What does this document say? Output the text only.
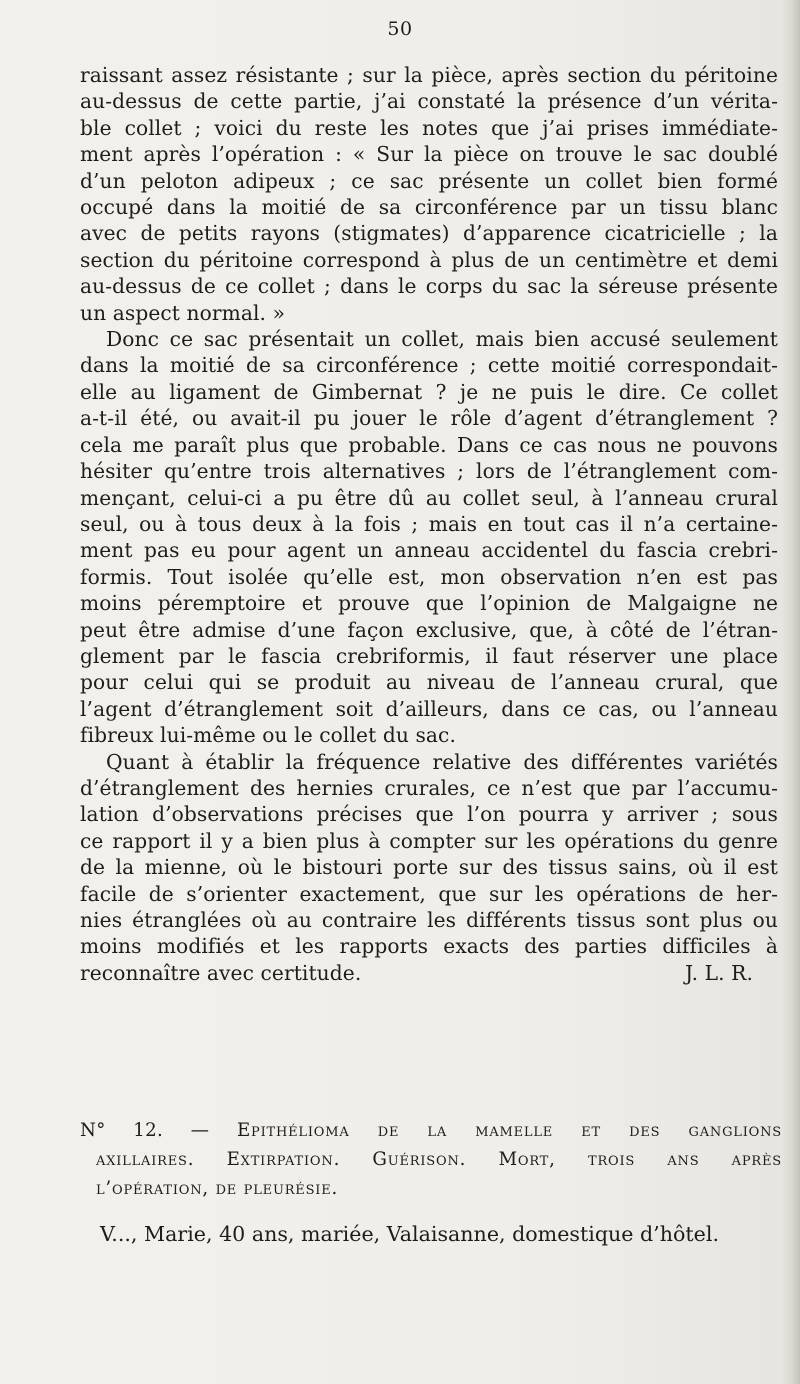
50
raissant assez résistante ; sur la pièce, après section du péritoine
au-dessus de cette partie, j’ai constaté la présence d’un vérita-
ble collet ; voici du reste les notes que j’ai prises immédiate-
ment après l’opération : « Sur la pièce on trouve le sac doublé
d’un peloton adipeux ; ce sac présente un collet bien formé
occupé dans la moitié de sa circonférence par un tissu blanc
avec de petits rayons (stigmates) d’apparence cicatricielle ; la
section du péritoine correspond à plus de un centimètre et demi
au-dessus de ce collet ; dans le corps du sac la séreuse présente
un aspect normal. »
Donc ce sac présentait un collet, mais bien accusé seulement
dans la moitié de sa circonférence ; cette moitié correspondait-
elle au ligament de Gimbernat ? je ne puis le dire. Ce collet
a-t-il été, ou avait-il pu jouer le rôle d’agent d’étranglement ?
cela me paraît plus que probable. Dans ce cas nous ne pouvons
hésiter qu’entre trois alternatives ; lors de l’étranglement com-
mençant, celui-ci a pu être dû au collet seul, à l’anneau crural
seul, ou à tous deux à la fois ; mais en tout cas il n’a certaine-
ment pas eu pour agent un anneau accidentel du fascia crebri-
formis. Tout isolée qu’elle est, mon observation n’en est pas
moins péremptoire et prouve que l’opinion de Malgaigne ne
peut être admise d’une façon exclusive, que, à côté de l’étran-
glement par le fascia crebriformis, il faut réserver une place
pour celui qui se produit au niveau de l’anneau crural, que
l’agent d’étranglement soit d’ailleurs, dans ce cas, ou l’anneau
fibreux lui-même ou le collet du sac.
Quant à établir la fréquence relative des différentes variétés
d’étranglement des hernies crurales, ce n’est que par l’accumu-
lation d’observations précises que l’on pourra y arriver ; sous
ce rapport il y a bien plus à compter sur les opérations du genre
de la mienne, où le bistouri porte sur des tissus sains, où il est
facile de s’orienter exactement, que sur les opérations de her-
nies étranglées où au contraire les différents tissus sont plus ou
moins modifiés et les rapports exacts des parties difficiles à
reconnaître avec certitude.	J. L. R.
N° 12. — Epithélioma de la mamelle et des ganglions
axillaires. Extirpation. Guérison. Mort, trois ans après
l’opération, de pleurésie.
V..., Marie, 40 ans, mariée, Valaisanne, domestique d’hôtel.
